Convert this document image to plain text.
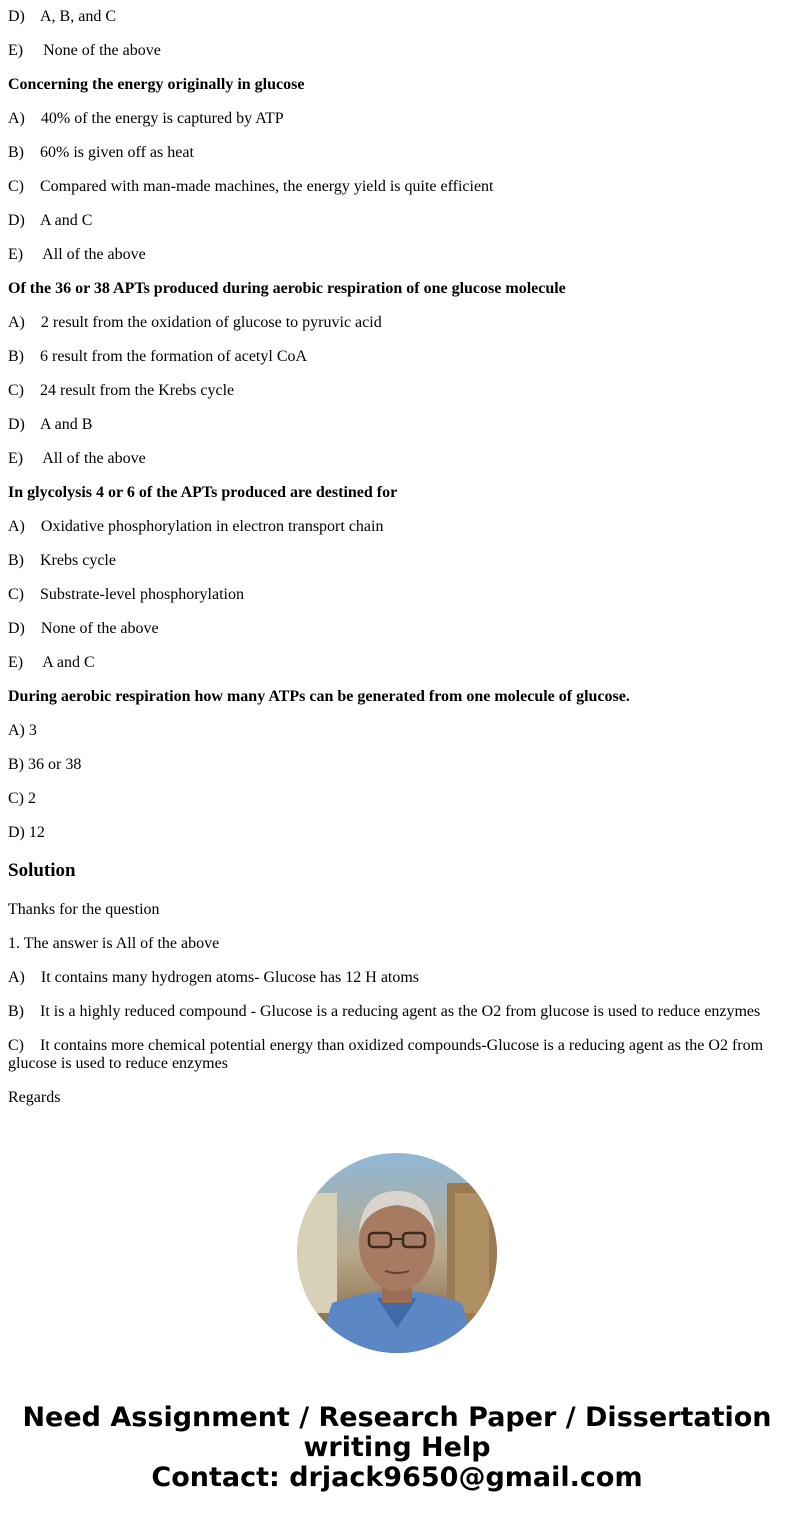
D)    A, B, and C

E)     None of the above

Concerning the energy originally in glucose

A)    40% of the energy is captured by ATP

B)    60% is given off as heat

C)    Compared with man-made machines, the energy yield is quite efficient

D)    A and C

E)     All of the above

Of the 36 or 38 APTs produced during aerobic respiration of one glucose molecule

A)    2 result from the oxidation of glucose to pyruvic acid

B)    6 result from the formation of acetyl CoA

C)    24 result from the Krebs cycle

D)    A and B

E)     All of the above

In glycolysis 4 or 6 of the APTs produced are destined for

A)    Oxidative phosphorylation in electron transport chain

B)    Krebs cycle

C)    Substrate-level phosphorylation

D)    None of the above

E)     A and C

During aerobic respiration how many ATPs can be generated from one molecule of glucose.

A) 3

B) 36 or 38

C) 2

D) 12

Solution

Thanks for the question

1. The answer is All of the above

A)    It contains many hydrogen atoms- Glucose has 12 H atoms

B)    It is a highly reduced compound - Glucose is a reducing agent as the O2 from glucose is used to reduce enzymes

C)    It contains more chemical potential energy than oxidized compounds-Glucose is a reducing agent as the O2 from glucose is used to reduce enzymes

Regards

Need Assignment / Research Paper / Dissertation
writing Help
Contact: drjack9650@gmail.com
